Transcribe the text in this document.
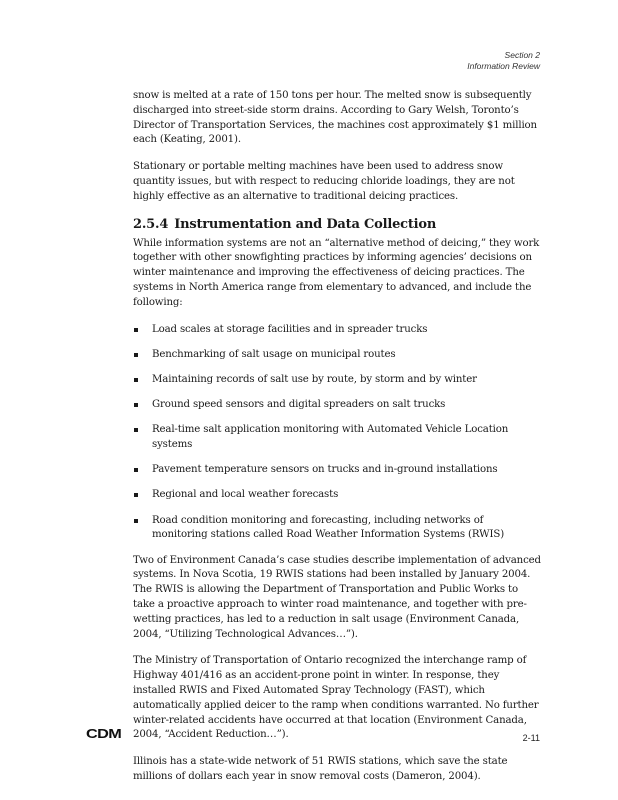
Section 2
Information Review

snow is melted at a rate of 150 tons per hour. The melted snow is subsequently discharged into street-side storm drains. According to Gary Welsh, Toronto’s Director of Transportation Services, the machines cost approximately $1 million each (Keating, 2001).

Stationary or portable melting machines have been used to address snow quantity issues, but with respect to reducing chloride loadings, they are not highly effective as an alternative to traditional deicing practices.

2.5.4 Instrumentation and Data Collection

While information systems are not an “alternative method of deicing,” they work together with other snowfighting practices by informing agencies’ decisions on winter maintenance and improving the effectiveness of deicing practices. The systems in North America range from elementary to advanced, and include the following:

Load scales at storage facilities and in spreader trucks
Benchmarking of salt usage on municipal routes
Maintaining records of salt use by route, by storm and by winter
Ground speed sensors and digital spreaders on salt trucks
Real-time salt application monitoring with Automated Vehicle Location systems
Pavement temperature sensors on trucks and in-ground installations
Regional and local weather forecasts
Road condition monitoring and forecasting, including networks of monitoring stations called Road Weather Information Systems (RWIS)

Two of Environment Canada’s case studies describe implementation of advanced systems. In Nova Scotia, 19 RWIS stations had been installed by January 2004. The RWIS is allowing the Department of Transportation and Public Works to take a proactive approach to winter road maintenance, and together with pre-wetting practices, has led to a reduction in salt usage (Environment Canada, 2004, “Utilizing Technological Advances…”).

The Ministry of Transportation of Ontario recognized the interchange ramp of Highway 401/416 as an accident-prone point in winter. In response, they installed RWIS and Fixed Automated Spray Technology (FAST), which automatically applied deicer to the ramp when conditions warranted. No further winter-related accidents have occurred at that location (Environment Canada, 2004, “Accident Reduction…”).

Illinois has a state-wide network of 51 RWIS stations, which save the state millions of dollars each year in snow removal costs (Dameron, 2004).

CDM	2-11
